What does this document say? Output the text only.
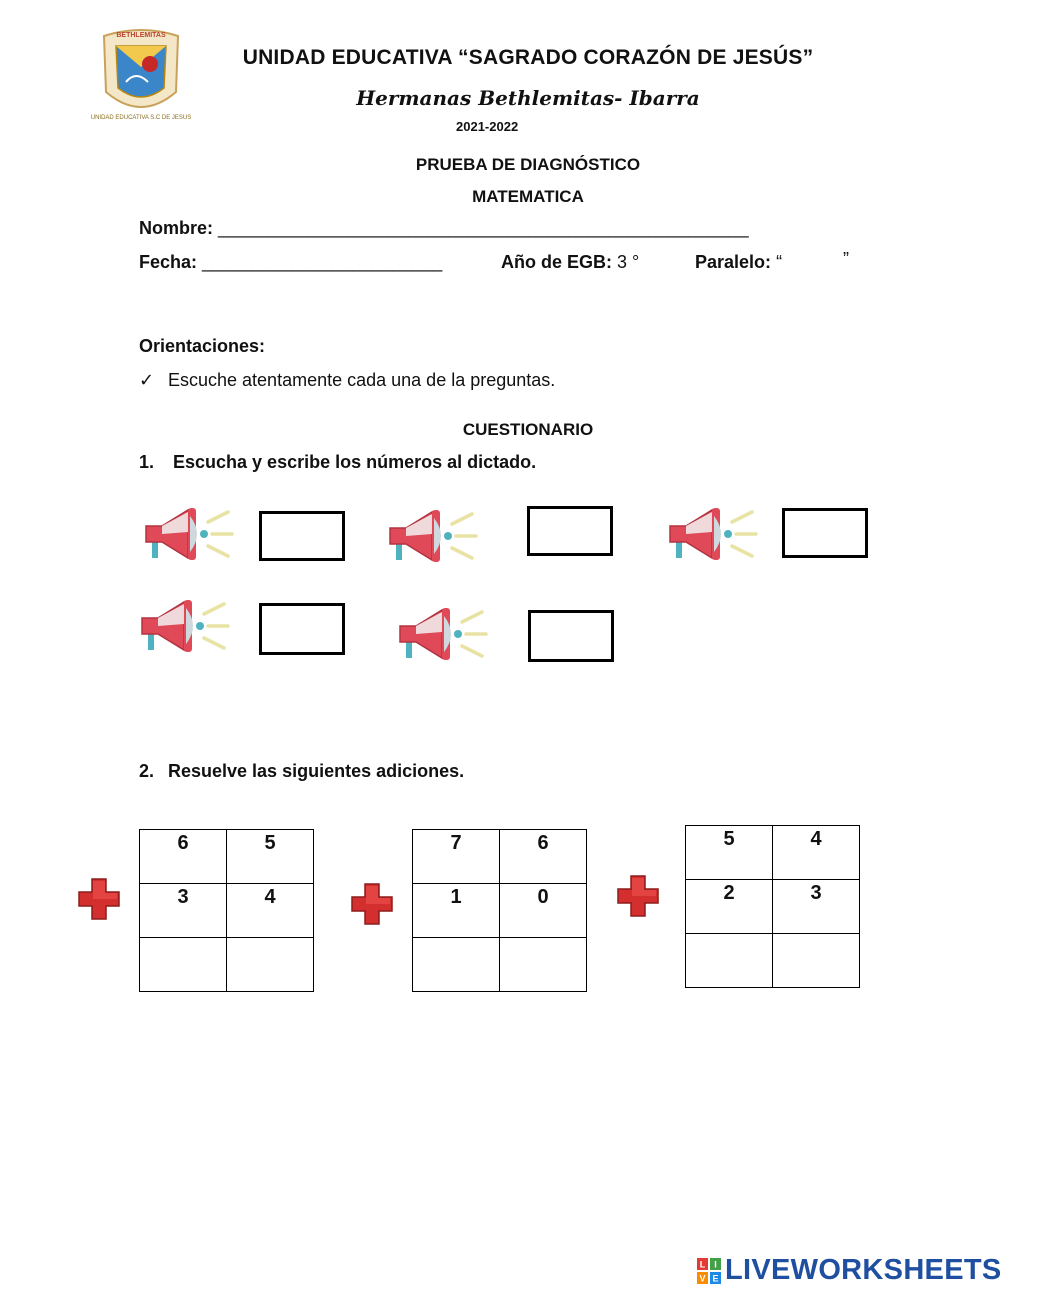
BETHLEMITAS
UNIDAD EDUCATIVA S.C DE JESUS
UNIDAD EDUCATIVA “SAGRADO CORAZÓN DE JESÚS”
Hermanas Bethlemitas- Ibarra
2021-2022
PRUEBA DE DIAGNÓSTICO
MATEMATICA
Nombre: _____________________________________________________
Fecha: ________________________	Año de EGB: 3 °	Paralelo: “	”
Orientaciones:
✓ Escuche atentamente cada una de la preguntas.
CUESTIONARIO
1. Escucha y escribe los números al dictado.
2. Resuelve las siguientes adiciones.
6	5
3	4

7	6
1	0

5	4
2	3

L I
V E LIVEWORKSHEETS
